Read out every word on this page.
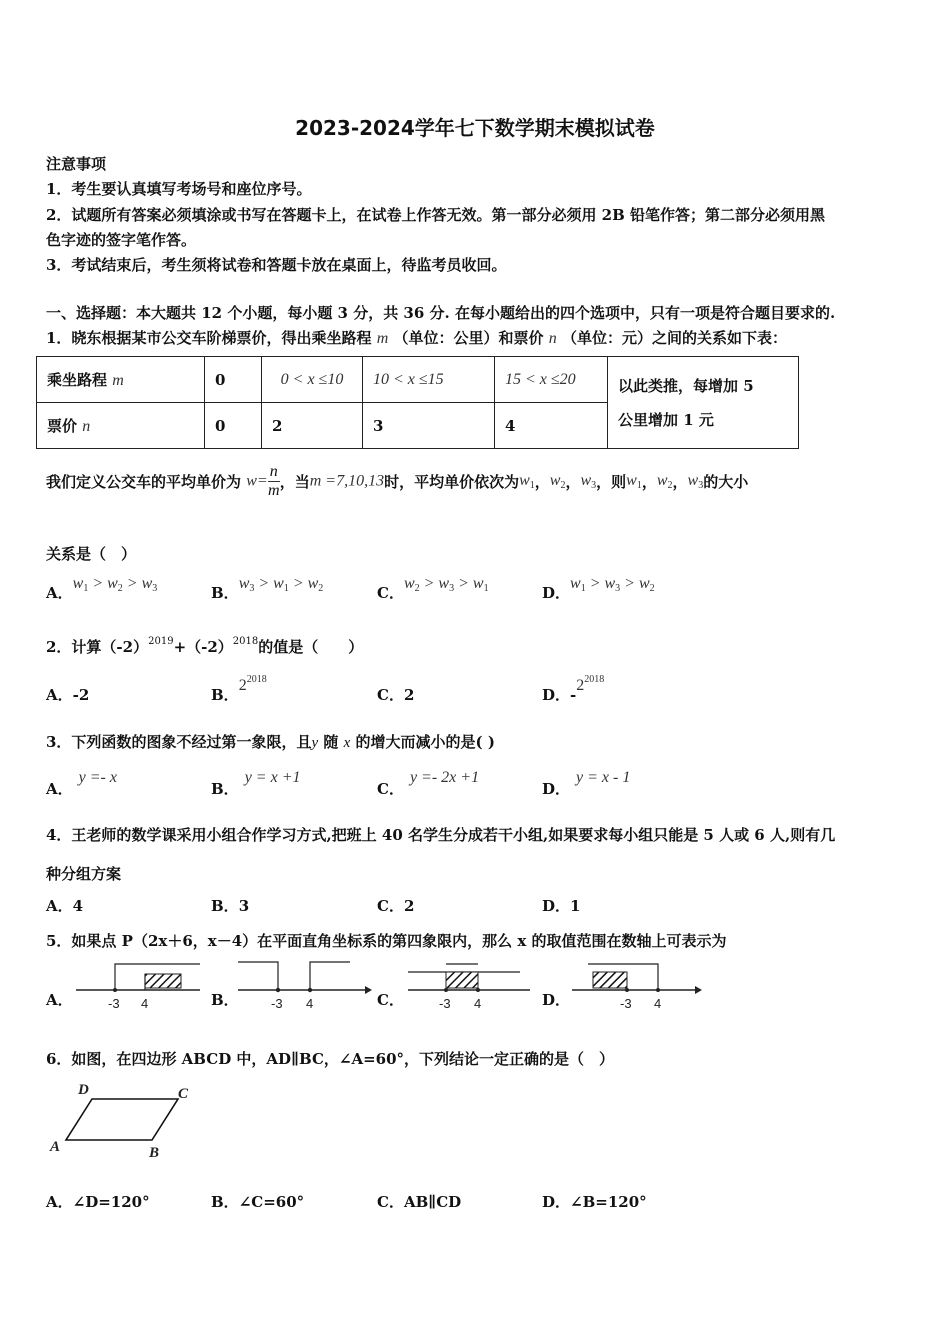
2023-2024学年七下数学期末模拟试卷
注意事项
1．考生要认真填写考场号和座位序号。
2．试题所有答案必须填涂或书写在答题卡上，在试卷上作答无效。第一部分必须用 2B 铅笔作答；第二部分必须用黑
色字迹的签字笔作答。
3．考试结束后，考生须将试卷和答题卡放在桌面上，待监考员收回。
一、选择题：本大题共 12 个小题，每小题 3 分，共 36 分. 在每小题给出的四个选项中，只有一项是符合题目要求的.
1．晓东根据某市公交车阶梯票价，得出乘坐路程 m （单位：公里）和票价 n （单位：元）之间的关系如下表：
乘坐路程 m	0	0 < x ≤10	10 < x ≤15	15 < x ≤20	以此类推，每增加 5
公里增加 1 元
票价 n	0	2	3	4	
我们定义公交车的平均单价为 $w= \frac{n}{m}$ ，当m =7,10,13时，平均单价依次为$w_1$，$w_2$，$w_3$，则$w_1$，$w_2$，$w_3$的大小
关系是（　）
A．$w_1 > w_2 > w_3$	B．$w_3 > w_1 > w_2$	C．$w_2 > w_3 > w_1$	D．$w_1 > w_3 > w_2$
2．计算$(-2)^{2019}+(-2)^{2018}$的值是（　　）
A．-2	B．$2^{2018}$
C．2	D．$-2^{2018}$
3．下列函数的图象不经过第一象限，且y 随 x 的增大而减小的是( )
A．y =- x
B．y = x +1
C．y =- 2x +1
D．y = x - 1
4．王老师的数学课采用小组合作学习方式,把班上 40 名学生分成若干小组,如果要求每小组只能是 5 人或 6 人,则有几
种分组方案
A．4	B．3	C．2	D．1
5．如果点 P（2x＋6，x－4）在平面直角坐标系的第四象限内，那么 x 的取值范围在数轴上可表示为
A．	B．	C．	D．
-3 4	-3 4	-3 4	-3 4
A	B
C
D
6．如图，在四边形 ABCD 中，AD∥BC，∠A=60°，下列结论一定正确的是（　）
A．∠D=120°	B．∠C=60°	C．AB∥CD	D．∠B=120°
